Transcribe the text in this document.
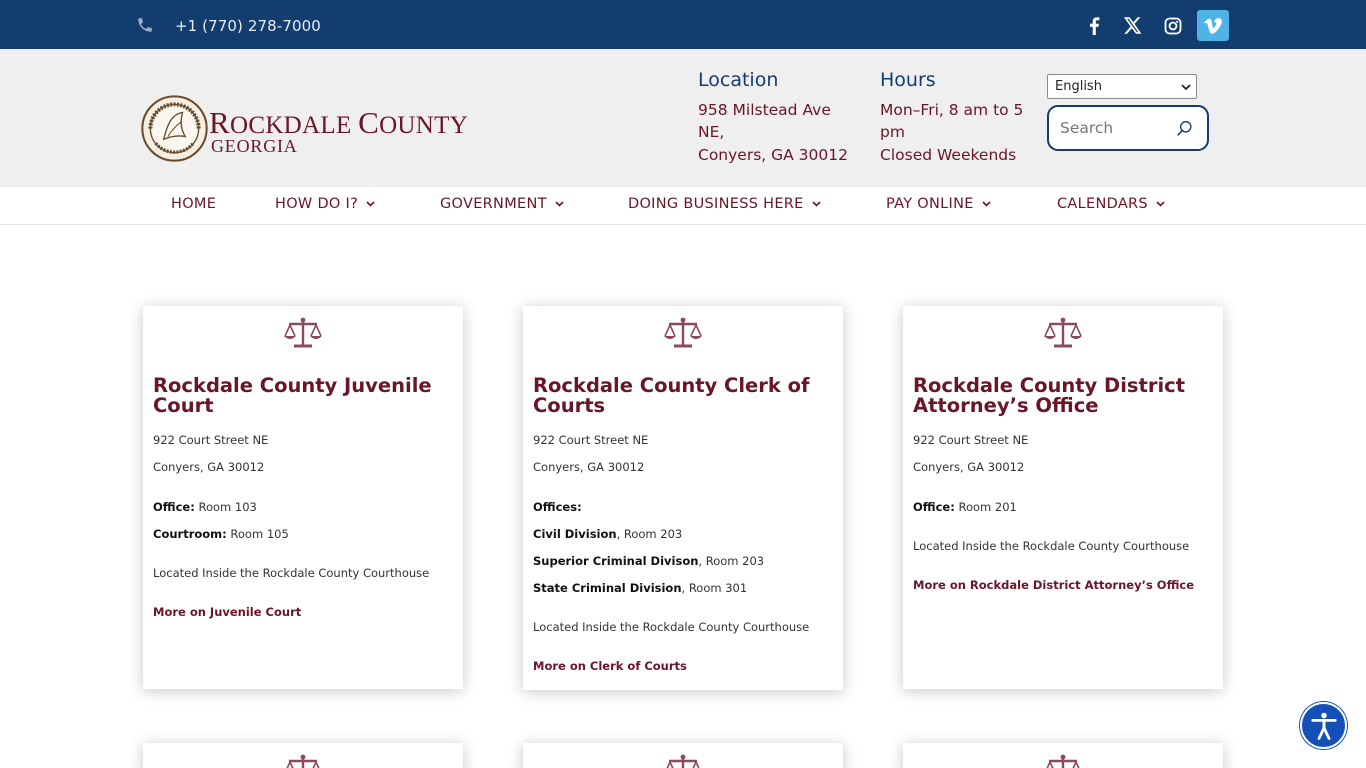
+1 (770) 278-7000
ROCKDALE COUNTY
GEORGIA
Location
958 Milstead Ave
NE,
Conyers, GA 30012
Hours
Mon–Fri, 8 am to 5
pm
Closed Weekends
English
Search
HOME	HOW DO I?	GOVERNMENT	DOING BUSINESS HERE	PAY ONLINE	CALENDARS
Rockdale County Juvenile Court
922 Court Street NE
Conyers, GA 30012
Office: Room 103
Courtroom: Room 105
Located Inside the Rockdale County Courthouse
More on Juvenile Court
Rockdale County Clerk of Courts
922 Court Street NE
Conyers, GA 30012
Offices:
Civil Division, Room 203
Superior Criminal Divison, Room 203
State Criminal Division, Room 301
Located Inside the Rockdale County Courthouse
More on Clerk of Courts
Rockdale County District Attorney’s Office
922 Court Street NE
Conyers, GA 30012
Office: Room 201
Located Inside the Rockdale County Courthouse
More on Rockdale District Attorney’s Office
